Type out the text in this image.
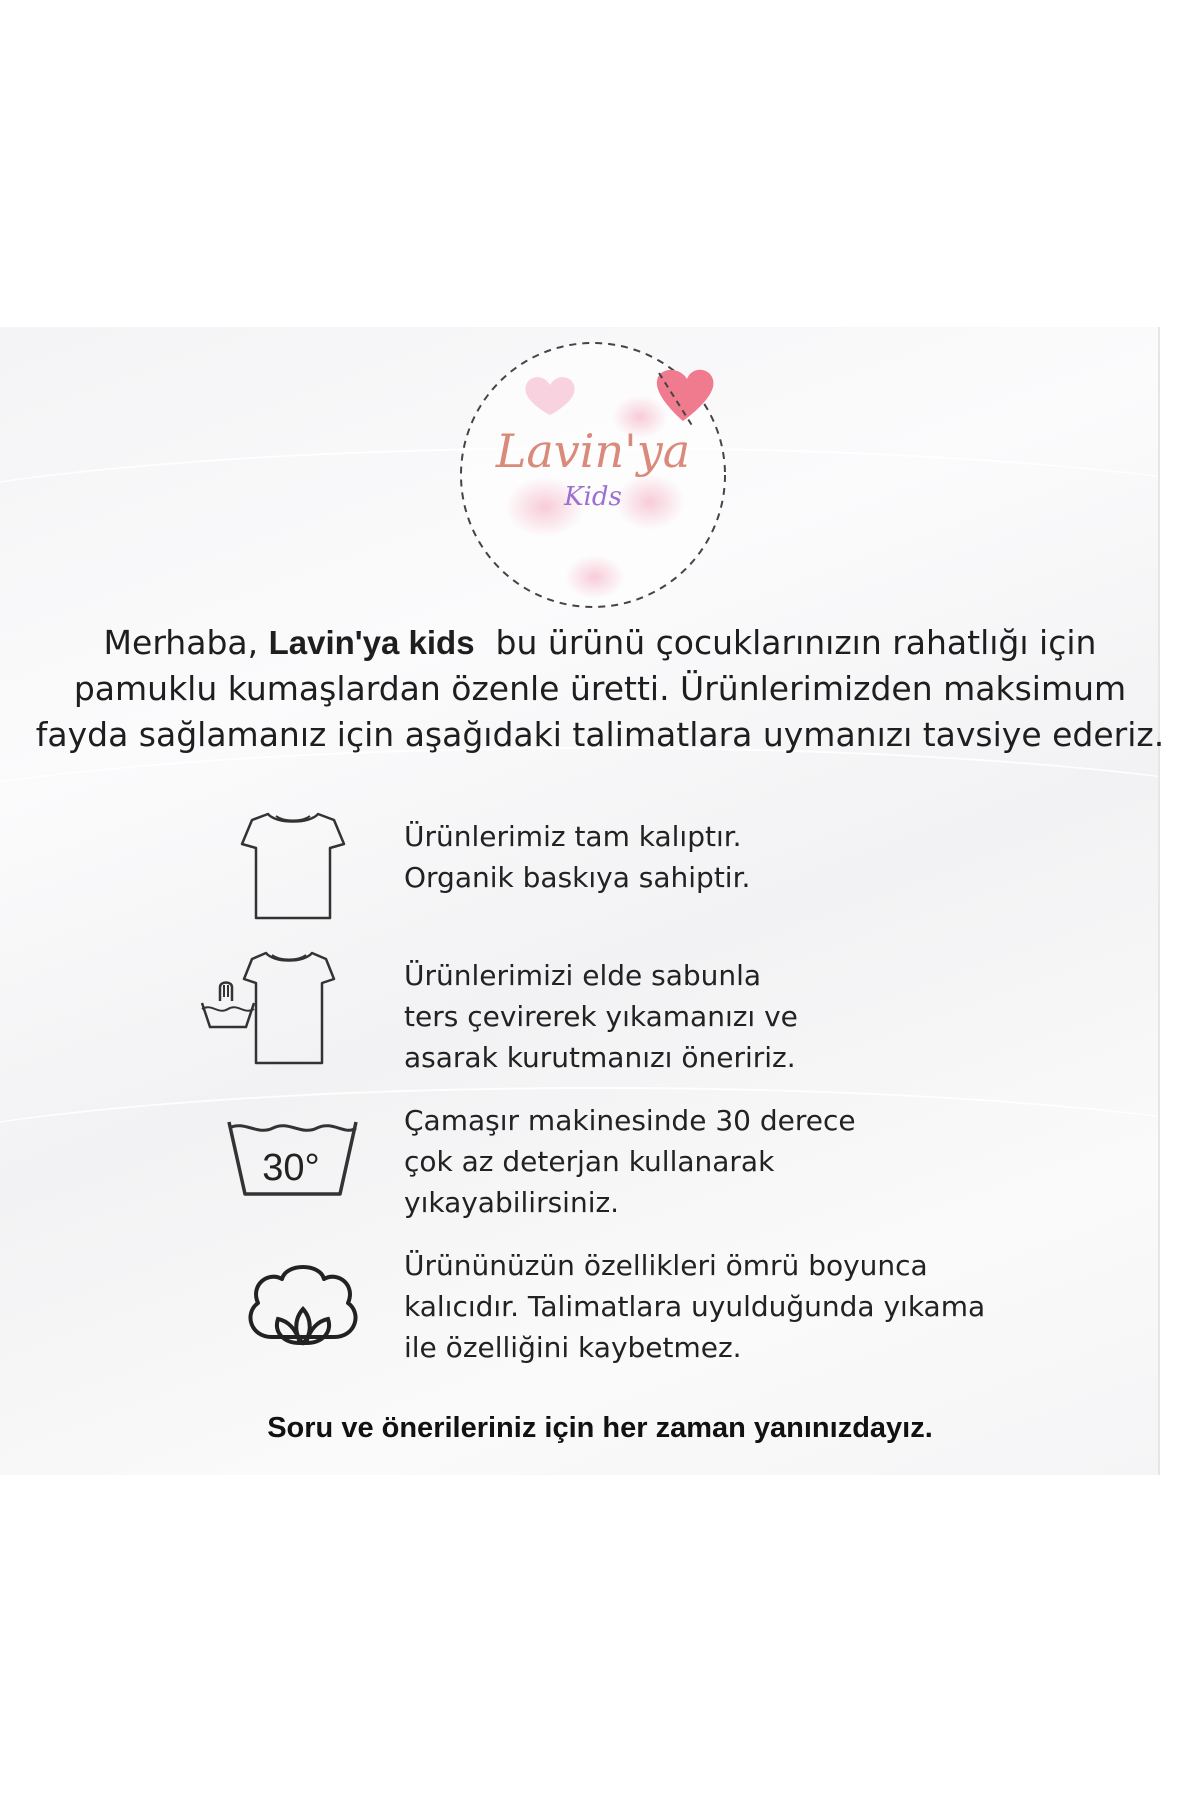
Lavin'ya
Kids
Merhaba, Lavin'ya kids bu ürünü çocuklarınızın rahatlığı için
pamuklu kumaşlardan özenle üretti. Ürünlerimizden maksimum
fayda sağlamanız için aşağıdaki talimatlara uymanızı tavsiye ederiz.
Ürünlerimiz tam kalıptır.
Organik baskıya sahiptir.
Ürünlerimizi elde sabunla
ters çevirerek yıkamanızı ve
asarak kurutmanızı öneririz.
30°
Çamaşır makinesinde 30 derece
çok az deterjan kullanarak
yıkayabilirsiniz.
Ürününüzün özellikleri ömrü boyunca
kalıcıdır. Talimatlara uyulduğunda yıkama
ile özelliğini kaybetmez.
Soru ve önerileriniz için her zaman yanınızdayız.
